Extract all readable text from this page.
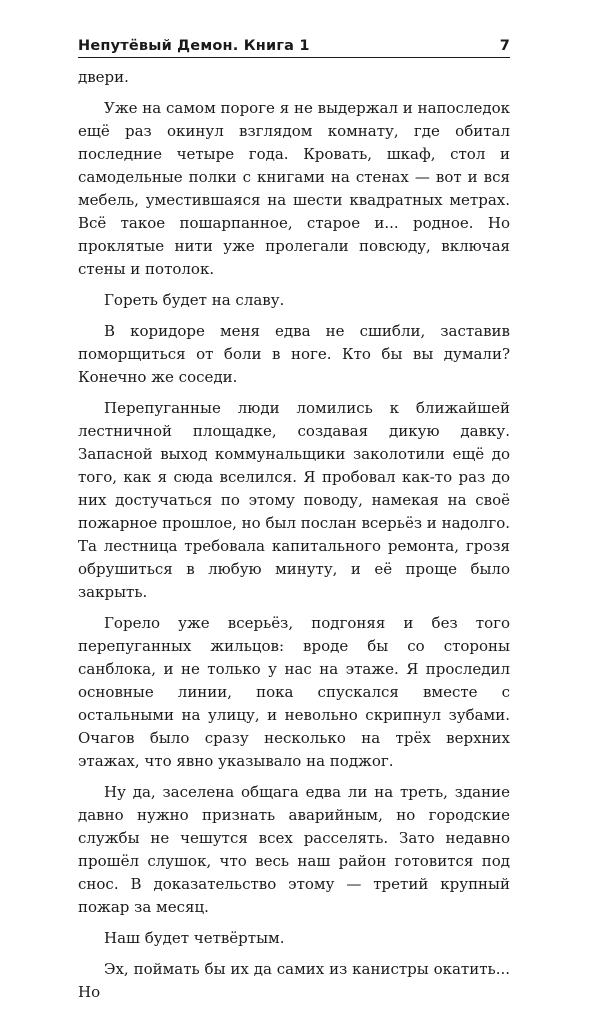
Непутёвый Демон. Книга 1	7

двери.

Уже на самом пороге я не выдержал и напоследок ещё раз окинул взглядом комнату, где обитал последние четыре года. Кровать, шкаф, стол и самодельные полки с книгами на стенах — вот и вся мебель, уместившаяся на шести квадратных метрах. Всё такое пошарпанное, старое и... родное. Но проклятые нити уже пролегали повсюду, включая стены и потолок.

Гореть будет на славу.

В коридоре меня едва не сшибли, заставив поморщиться от боли в ноге. Кто бы вы думали? Конечно же соседи.

Перепуганные люди ломились к ближайшей лестничной площадке, создавая дикую давку. Запасной выход коммунальщики заколотили ещё до того, как я сюда вселился. Я пробовал как-то раз до них достучаться по этому поводу, намекая на своё пожарное прошлое, но был послан всерьёз и надолго. Та лестница требовала капитального ремонта, грозя обрушиться в любую минуту, и её проще было закрыть.

Горело уже всерьёз, подгоняя и без того перепуганных жильцов: вроде бы со стороны санблока, и не только у нас на этаже. Я проследил основные линии, пока спускался вместе с остальными на улицу, и невольно скрипнул зубами. Очагов было сразу несколько на трёх верхних этажах, что явно указывало на поджог.

Ну да, заселена общага едва ли на треть, здание давно нужно признать аварийным, но городские службы не чешутся всех расселять. Зато недавно прошёл слушок, что весь наш район готовится под снос. В доказательство этому — третий крупный пожар за месяц.

Наш будет четвёртым.

Эх, поймать бы их да самих из канистры окатить... Но
